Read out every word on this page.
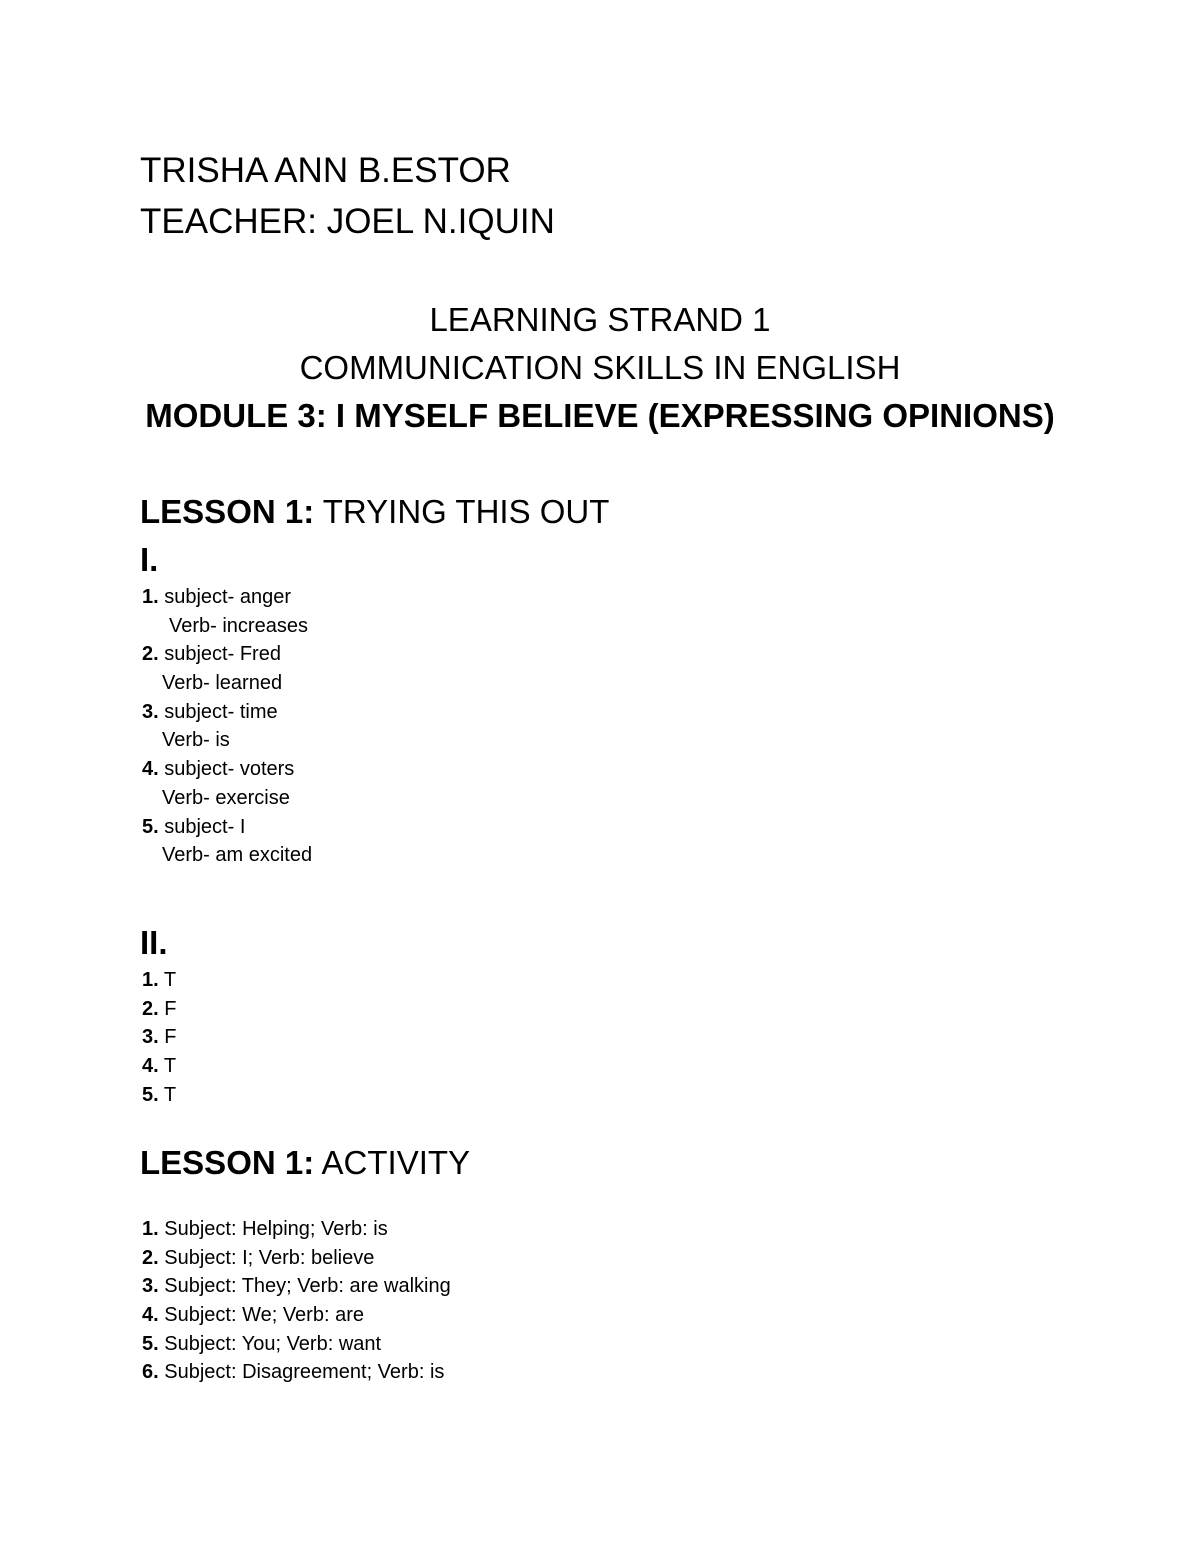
TRISHA ANN B.ESTOR
TEACHER: JOEL N.IQUIN
LEARNING STRAND 1
COMMUNICATION SKILLS IN ENGLISH
MODULE 3: I MYSELF BELIEVE (EXPRESSING OPINIONS)
LESSON 1: TRYING THIS OUT
I.
1. subject- anger
Verb- increases
2. subject- Fred
Verb- learned
3. subject- time
Verb- is
4. subject- voters
Verb- exercise
5. subject- I
Verb- am excited
II.
1. T
2. F
3. F
4. T
5. T
LESSON 1: ACTIVITY
1. Subject: Helping; Verb: is
2. Subject: I; Verb: believe
3. Subject: They; Verb: are walking
4. Subject: We; Verb: are
5. Subject: You; Verb: want
6. Subject: Disagreement; Verb: is
